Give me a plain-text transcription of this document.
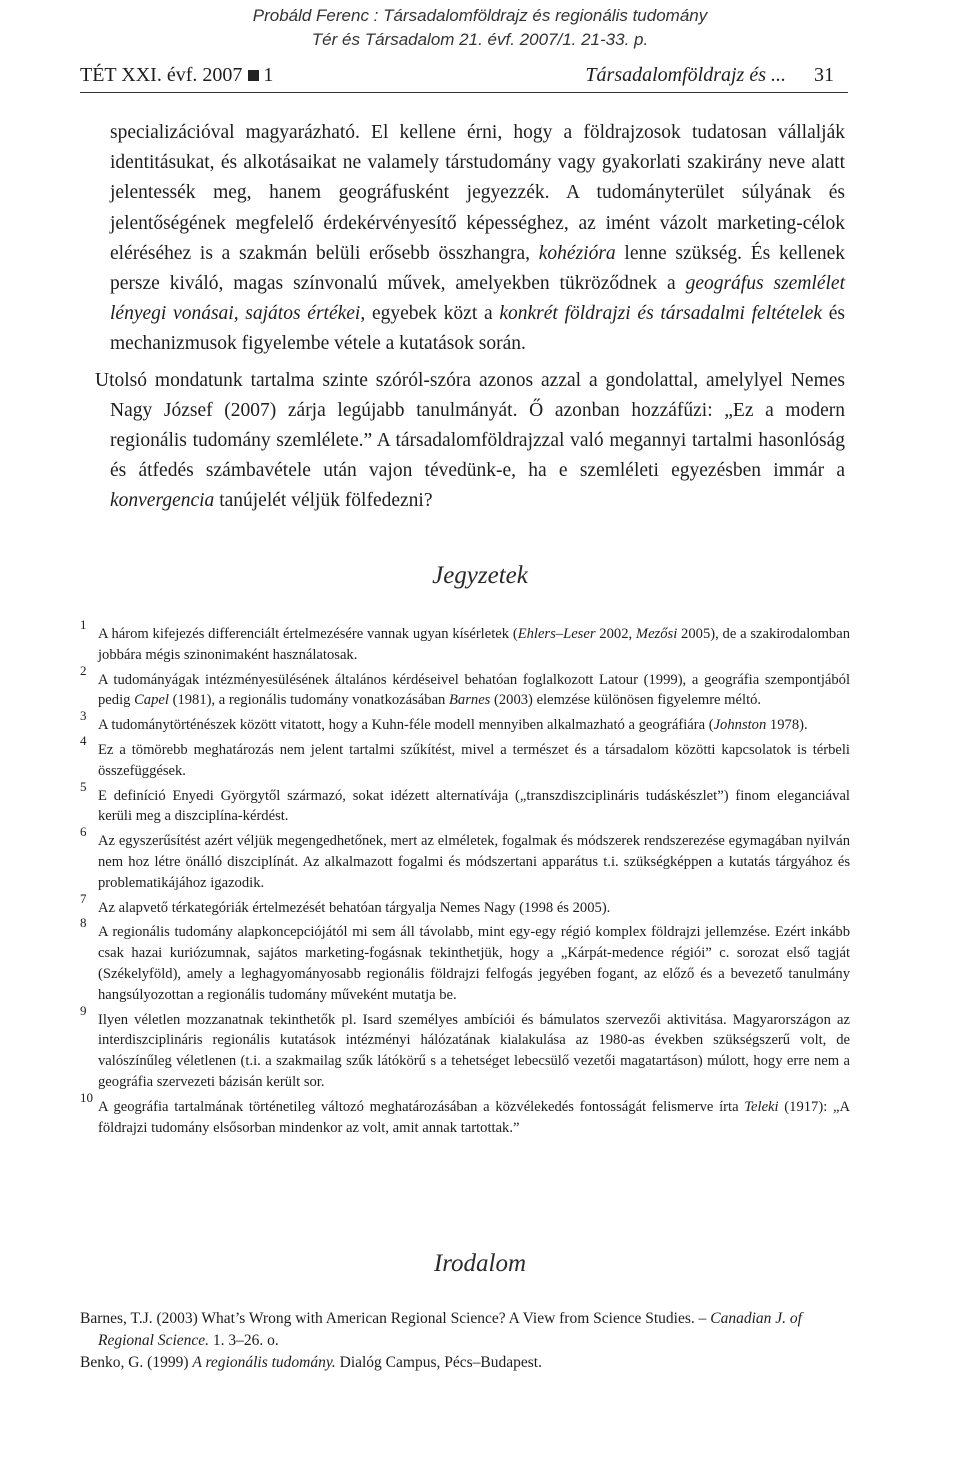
Probáld Ferenc : Társadalomföldrajz és regionális tudomány
Tér és Társadalom 21. évf. 2007/1. 21-33. p.
TÉT XXI. évf. 2007 1	Társadalomföldrajz és ... 31

specializációval magyarázható. El kellene érni, hogy a földrajzosok tudatosan vállalják identitásukat, és alkotásaikat ne valamely társtudomány vagy gyakorlati szakirány neve alatt jelentessék meg, hanem geográfusként jegyezzék. A tudományterület súlyának és jelentőségének megfelelő érdekérvényesítő képességhez, az imént vázolt marketing-célok eléréséhez is a szakmán belüli erősebb összhangra, kohézióra lenne szükség. És kellenek persze kiváló, magas színvonalú művek, amelyekben tükröződnek a geográfus szemlélet lényegi vonásai, sajátos értékei, egyebek közt a konkrét földrajzi és társadalmi feltételek és mechanizmusok figyelembe vétele a kutatások során.

Utolsó mondatunk tartalma szinte szóról-szóra azonos azzal a gondolattal, amelylyel Nemes Nagy József (2007) zárja legújabb tanulmányát. Ő azonban hozzáfűzi: „Ez a modern regionális tudomány szemlélete.” A társadalomföldrajzzal való megannyi tartalmi hasonlóság és átfedés számbavétele után vajon tévedünk-e, ha e szemléleti egyezésben immár a konvergencia tanújelét véljük fölfedezni?

Jegyzetek
1
A három kifejezés differenciált értelmezésére vannak ugyan kísérletek (Ehlers–Leser 2002, Mezősi 2005), de a szakirodalomban jobbára mégis szinonimaként használatosak.
2
A tudományágak intézményesülésének általános kérdéseivel behatóan foglalkozott Latour (1999), a geográfia szempontjából pedig Capel (1981), a regionális tudomány vonatkozásában Barnes (2003) elemzése különösen figyelemre méltó.
3
A tudománytörténészek között vitatott, hogy a Kuhn-féle modell mennyiben alkalmazható a geográfiára (Johnston 1978).
4
Ez a tömörebb meghatározás nem jelent tartalmi szűkítést, mivel a természet és a társadalom közötti kapcsolatok is térbeli összefüggések.
5
E definíció Enyedi Györgytől származó, sokat idézett alternatívája („transzdiszciplináris tudáskészlet”) finom eleganciával kerüli meg a diszciplína-kérdést.
6
Az egyszerűsítést azért véljük megengedhetőnek, mert az elméletek, fogalmak és módszerek rendszerezése egymagában nyilván nem hoz létre önálló diszciplínát. Az alkalmazott fogalmi és módszertani apparátus t.i. szükségképpen a kutatás tárgyához és problematikájához igazodik.
7
Az alapvető térkategóriák értelmezését behatóan tárgyalja Nemes Nagy (1998 és 2005).
8
A regionális tudomány alapkoncepciójától mi sem áll távolabb, mint egy-egy régió komplex földrajzi jellemzése. Ezért inkább csak hazai kuriózumnak, sajátos marketing-fogásnak tekinthetjük, hogy a „Kárpát-medence régiói” c. sorozat első tagját (Székelyföld), amely a leghagyományosabb regionális földrajzi felfogás jegyében fogant, az előző és a bevezető tanulmány hangsúlyozottan a regionális tudomány műveként mutatja be.
9
Ilyen véletlen mozzanatnak tekinthetők pl. Isard személyes ambíciói és bámulatos szervezői aktivitása. Magyarországon az interdiszciplináris regionális kutatások intézményi hálózatának kialakulása az 1980-as években szükségszerű volt, de valószínűleg véletlenen (t.i. a szakmailag szűk látókörű s a tehetséget lebecsülő vezetői magatartáson) múlott, hogy erre nem a geográfia szervezeti bázisán került sor.
10
A geográfia tartalmának történetileg változó meghatározásában a közvélekedés fontosságát felismerve írta Teleki (1917): „A földrajzi tudomány elsősorban mindenkor az volt, amit annak tartottak.”
Irodalom
Barnes, T.J. (2003) What’s Wrong with American Regional Science? A View from Science Studies. – Canadian J. of Regional Science. 1. 3–26. o.
Benko, G. (1999) A regionális tudomány. Dialóg Campus, Pécs–Budapest.
